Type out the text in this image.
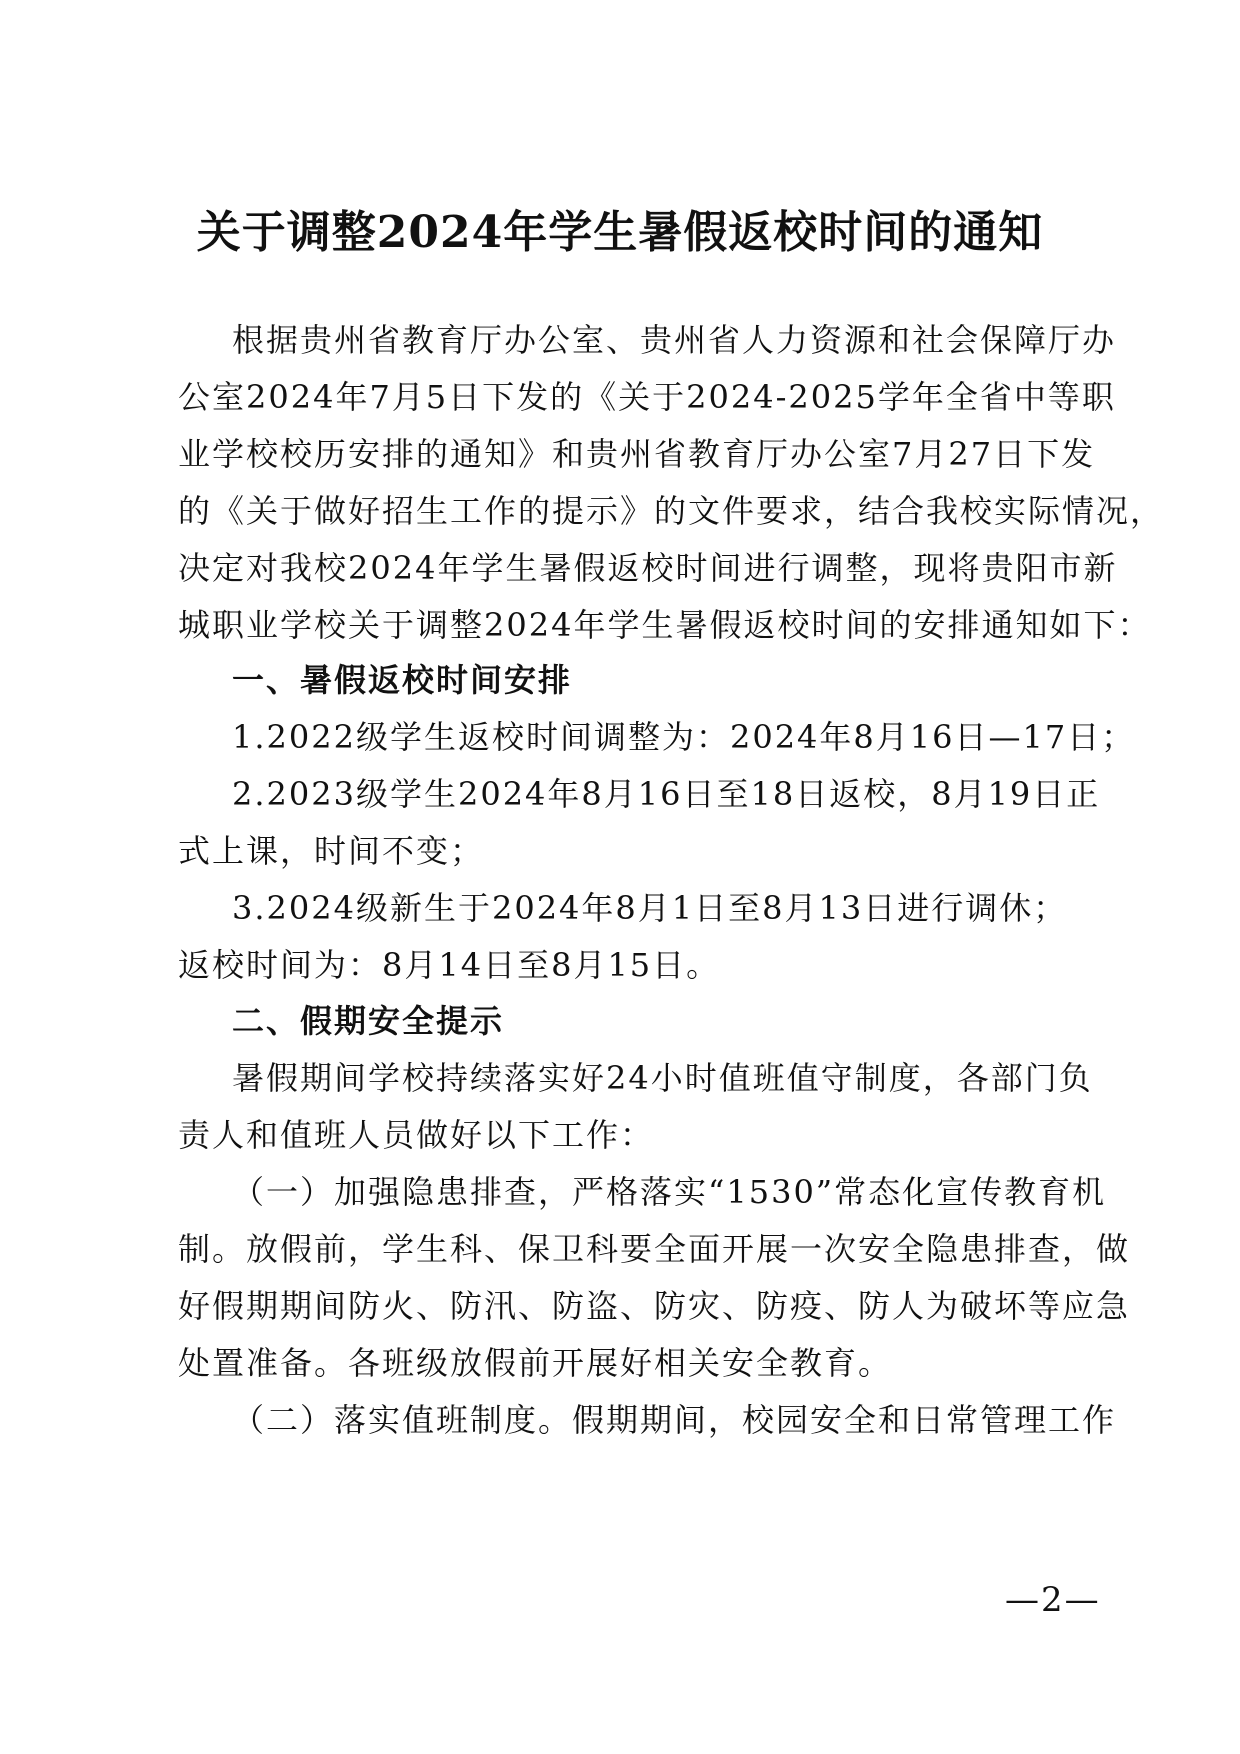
关于调整2024年学生暑假返校时间的通知
根据贵州省教育厅办公室、贵州省人力资源和社会保障厅办
公室2024年7月5日下发的《关于2024-2025学年全省中等职
业学校校历安排的通知》和贵州省教育厅办公室7月27日下发
的《关于做好招生工作的提示》的文件要求，结合我校实际情况，
决定对我校2024年学生暑假返校时间进行调整，现将贵阳市新
城职业学校关于调整2024年学生暑假返校时间的安排通知如下：
一、暑假返校时间安排
1.2022级学生返校时间调整为：2024年8月16日—17日；
2.2023级学生2024年8月16日至18日返校，8月19日正
式上课，时间不变；
3.2024级新生于2024年8月1日至8月13日进行调休；
返校时间为：8月14日至8月15日。
二、假期安全提示
暑假期间学校持续落实好24小时值班值守制度，各部门负
责人和值班人员做好以下工作：
（一）加强隐患排查，严格落实“1530”常态化宣传教育机
制。放假前，学生科、保卫科要全面开展一次安全隐患排查，做
好假期期间防火、防汛、防盗、防灾、防疫、防人为破坏等应急
处置准备。各班级放假前开展好相关安全教育。
（二）落实值班制度。假期期间，校园安全和日常管理工作
—2—
